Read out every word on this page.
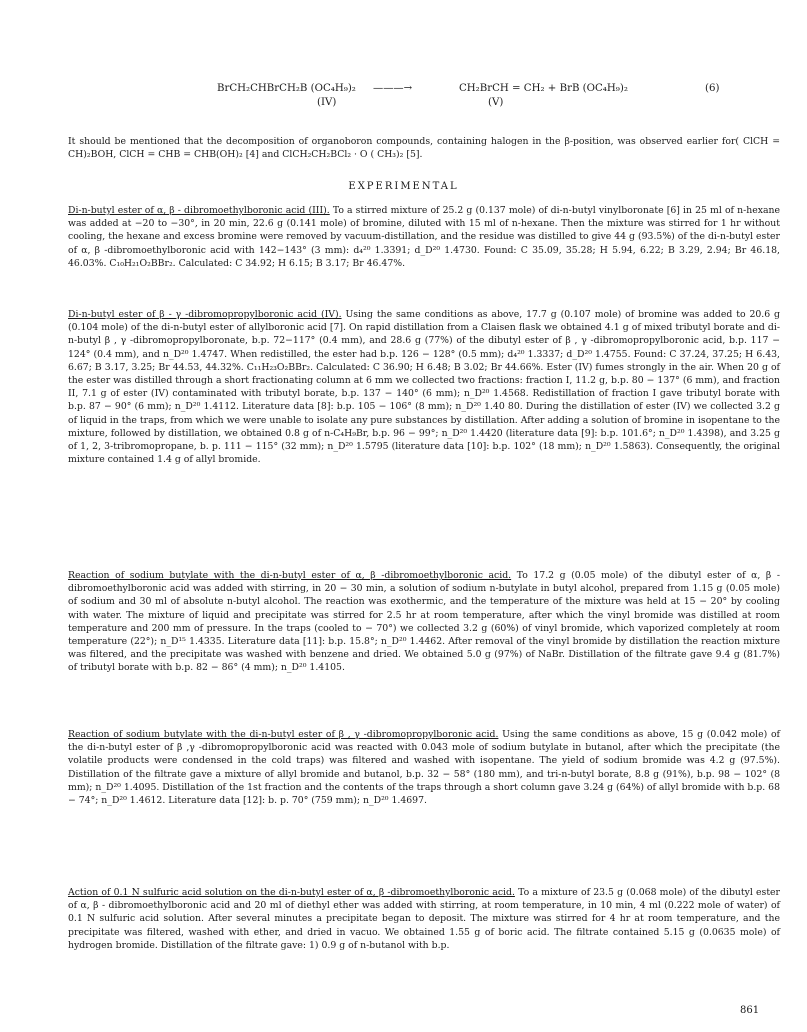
BrCH₂CHBrCH₂B (OC₄H₉)₂ ———→	CH₂BrCH = CH₂ + BrB (OC₄H₉)₂
(IV)	(V)
(6)

It should be mentioned that the decomposition of organoboron compounds, containing halogen in the β-position, was observed earlier for( ClCH = CH)₂BOH, ClCH = CHB = CHB(OH)₂ [4] and ClCH₂CH₂BCl₂ · O ( CH₃)₂ [5].

EXPERIMENTAL

Di-n-butyl ester of α, β - dibromoethylboronic acid (III). To a stirred mixture of 25.2 g (0.137 mole) of di-n-butyl vinylboronate [6] in 25 ml of n-hexane was added at −20 to −30°, in 20 min, 22.6 g (0.141 mole) of bromine, diluted with 15 ml of n-hexane. Then the mixture was stirred for 1 hr without cooling, the hexane and excess bromine were removed by vacuum-distillation, and the residue was distilled to give 44 g (93.5%) of the di-n-butyl ester of α, β -dibromoethylboronic acid with 142−143° (3 mm): d₄²⁰ 1.3391; d_D²⁰ 1.4730. Found: C 35.09, 35.28; H 5.94, 6.22; B 3.29, 2.94; Br 46.18, 46.03%. C₁₀H₂₁O₂BBr₂. Calculated: C 34.92; H 6.15; B 3.17; Br 46.47%.

Di-n-butyl ester of β - γ -dibromopropylboronic acid (IV). Using the same conditions as above, 17.7 g (0.107 mole) of bromine was added to 20.6 g (0.104 mole) of the di-n-butyl ester of allylboronic acid [7]. On rapid distillation from a Claisen flask we obtained 4.1 g of mixed tributyl borate and di-n-butyl β , γ -dibromopropylboronate, b.p. 72−117° (0.4 mm), and 28.6 g (77%) of the dibutyl ester of β , γ -dibromopropylboronic acid, b.p. 117 − 124° (0.4 mm), and n_D²⁰ 1.4747. When redistilled, the ester had b.p. 126 − 128° (0.5 mm); d₄²⁰ 1.3337; d_D²⁰ 1.4755. Found: C 37.24, 37.25; H 6.43, 6.67; B 3.17, 3.25; Br 44.53, 44.32%. C₁₁H₂₃O₂BBr₂. Calculated: C 36.90; H 6.48; B 3.02; Br 44.66%. Ester (IV) fumes strongly in the air. When 20 g of the ester was distilled through a short fractionating column at 6 mm we collected two fractions: fraction I, 11.2 g, b.p. 80 − 137° (6 mm), and fraction II, 7.1 g of ester (IV) contaminated with tributyl borate, b.p. 137 − 140° (6 mm); n_D²⁰ 1.4568. Redistillation of fraction I gave tributyl borate with b.p. 87 − 90° (6 mm); n_D²⁰ 1.4112. Literature data [8]: b.p. 105 − 106° (8 mm); n_D²⁰ 1.40 80. During the distillation of ester (IV) we collected 3.2 g of liquid in the traps, from which we were unable to isolate any pure substances by distillation. After adding a solution of bromine in isopentane to the mixture, followed by distillation, we obtained 0.8 g of n-C₄H₉Br, b.p. 96 − 99°; n_D²⁰ 1.4420 (literature data [9]: b.p. 101.6°; n_D²⁰ 1.4398), and 3.25 g of 1, 2, 3-tribromopropane, b. p. 111 − 115° (32 mm); n_D²⁰ 1.5795 (literature data [10]: b.p. 102° (18 mm); n_D²⁰ 1.5863). Consequently, the original mixture contained 1.4 g of allyl bromide.

Reaction of sodium butylate with the di-n-butyl ester of α, β -dibromoethylboronic acid. To 17.2 g (0.05 mole) of the dibutyl ester of α, β -dibromoethylboronic acid was added with stirring, in 20 − 30 min, a solution of sodium n-butylate in butyl alcohol, prepared from 1.15 g (0.05 mole) of sodium and 30 ml of absolute n-butyl alcohol. The reaction was exothermic, and the temperature of the mixture was held at 15 − 20° by cooling with water. The mixture of liquid and precipitate was stirred for 2.5 hr at room temperature, after which the vinyl bromide was distilled at room temperature and 200 mm of pressure. In the traps (cooled to − 70°) we collected 3.2 g (60%) of vinyl bromide, which vaporized completely at room temperature (22°); n_D¹⁵ 1.4335. Literature data [11]: b.p. 15.8°; n_D²⁰ 1.4462. After removal of the vinyl bromide by distillation the reaction mixture was filtered, and the precipitate was washed with benzene and dried. We obtained 5.0 g (97%) of NaBr. Distillation of the filtrate gave 9.4 g (81.7%) of tributyl borate with b.p. 82 − 86° (4 mm); n_D²⁰ 1.4105.

Reaction of sodium butylate with the di-n-butyl ester of β , γ -dibromopropylboronic acid. Using the same conditions as above, 15 g (0.042 mole) of the di-n-butyl ester of β ,γ -dibromopropylboronic acid was reacted with 0.043 mole of sodium butylate in butanol, after which the precipitate (the volatile products were condensed in the cold traps) was filtered and washed with isopentane. The yield of sodium bromide was 4.2 g (97.5%). Distillation of the filtrate gave a mixture of allyl bromide and butanol, b.p. 32 − 58° (180 mm), and tri-n-butyl borate, 8.8 g (91%), b.p. 98 − 102° (8 mm); n_D²⁰ 1.4095. Distillation of the 1st fraction and the contents of the traps through a short column gave 3.24 g (64%) of allyl bromide with b.p. 68 − 74°; n_D²⁰ 1.4612. Literature data [12]: b. p. 70° (759 mm); n_D²⁰ 1.4697.

Action of 0.1 N sulfuric acid solution on the di-n-butyl ester of α, β -dibromoethylboronic acid. To a mixture of 23.5 g (0.068 mole) of the dibutyl ester of α, β - dibromoethylboronic acid and 20 ml of diethyl ether was added with stirring, at room temperature, in 10 min, 4 ml (0.222 mole of water) of 0.1 N sulfuric acid solution. After several minutes a precipitate began to deposit. The mixture was stirred for 4 hr at room temperature, and the precipitate was filtered, washed with ether, and dried in vacuo. We obtained 1.55 g of boric acid. The filtrate contained 5.15 g (0.0635 mole) of hydrogen bromide. Distillation of the filtrate gave: 1) 0.9 g of n-butanol with b.p.

861
